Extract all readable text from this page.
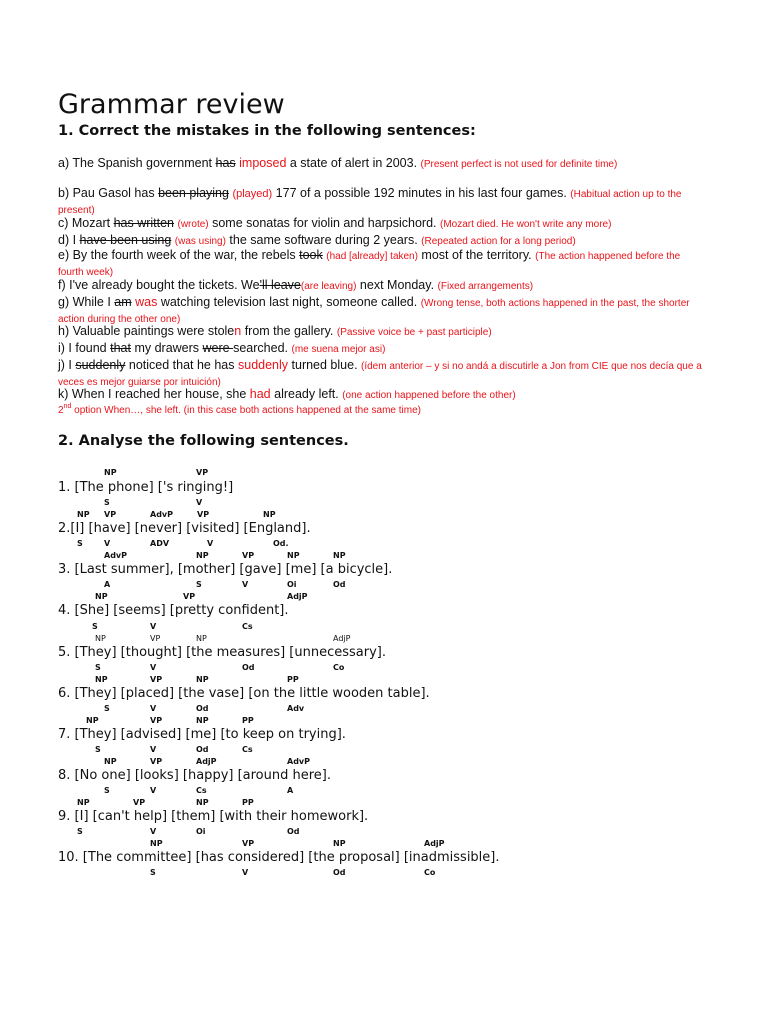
Grammar review
1. Correct the mistakes in the following sentences:
a) The Spanish government has imposed a state of alert in 2003. (Present perfect is not used for definite time)
b) Pau Gasol has been playing (played) 177 of a possible 192 minutes in his last four games. (Habitual action up to the present)
c) Mozart has written (wrote) some sonatas for violin and harpsichord. (Mozart died. He won't write any more)
d) I have been using (was using) the same software during 2 years. (Repeated action for a long period)
e) By the fourth week of the war, the rebels took (had [already] taken) most of the territory. (The action happened before the fourth week)
f) I've already bought the tickets. We'll leave(are leaving) next Monday. (Fixed arrangements)
g) While I am was watching television last night, someone called. (Wrong tense, both actions happened in the past, the shorter action during the other one)
h) Valuable paintings were stolen from the gallery. (Passive voice be + past participle)
i) I found that my drawers were searched. (me suena mejor asi)
j) I suddenly noticed that he has suddenly turned blue. (ídem anterior – y si no andá a discutirle a Jon from CIE que nos decía que a veces es mejor guiarse por intuición)
k) When I reached her house, she had already left. (one action happened before the other)
2nd option When…, she left. (in this case both actions happened at the same time)
2. Analyse the following sentences.
NP	VP
1. [The phone] ['s ringing!]
S	V
NP VP	AdvP	VP	NP
2.[I] [have] [never] [visited] [England].
S	V	ADV	V	Od.
AdvP	NP	VP	NP	NP
3. [Last summer], [mother] [gave] [me] [a bicycle].
A	S	V	Oi	Od
NP	VP	AdjP
4. [She] [seems] [pretty confident].
S	V	Cs
NP	VP	NP	AdjP
5. [They] [thought] [the measures] [unnecessary].
S	V	Od	Co
NP	VP	NP	PP
6. [They] [placed] [the vase] [on the little wooden table].
S	V	Od	Adv
NP	VP	NP	PP
7. [They] [advised] [me] [to keep on trying].
S	V	Od	Cs
NP	VP	AdjP	AdvP
8. [No one] [looks] [happy] [around here].
S	V	Cs	A
NP	VP	NP	PP
9. [I] [can't help] [them] [with their homework].
S	V	Oi	Od
NP	VP	NP	AdjP
10. [The committee] [has considered] [the proposal] [inadmissible].
S	V	Od	Co
